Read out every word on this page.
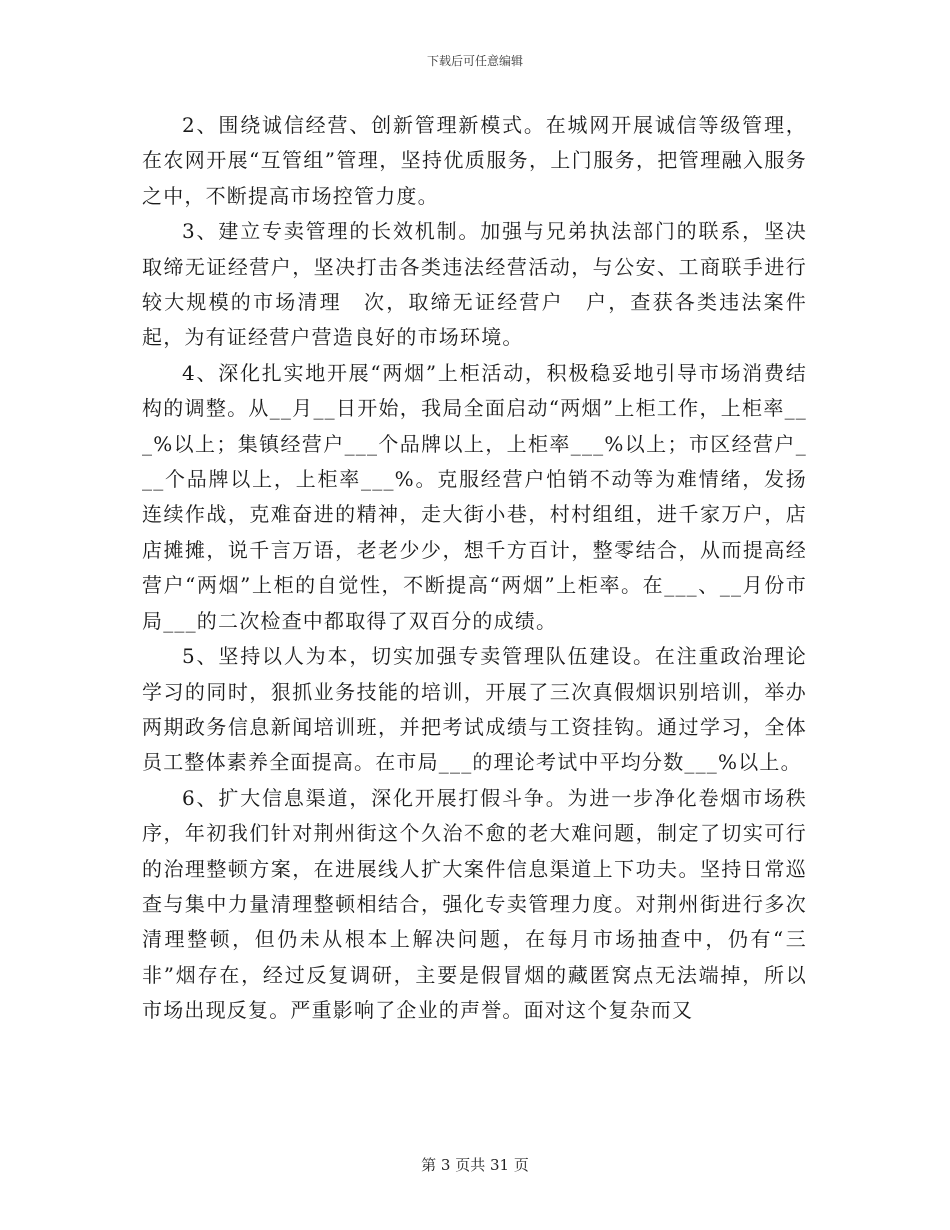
下载后可任意编辑

2、围绕诚信经营、创新管理新模式。在城网开展诚信等级管理，在农网开展“互管组”管理，坚持优质服务，上门服务，把管理融入服务之中，不断提高市场控管力度。

3、建立专卖管理的长效机制。加强与兄弟执法部门的联系，坚决取缔无证经营户，坚决打击各类违法经营活动，与公安、工商联手进行较大规模的市场清理　次，取缔无证经营户　户，查获各类违法案件 起，为有证经营户营造良好的市场环境。

4、深化扎实地开展“两烟”上柜活动，积极稳妥地引导市场消费结构的调整。从__月__日开始，我局全面启动“两烟”上柜工作，上柜率___%以上；集镇经营户___个品牌以上，上柜率___%以上；市区经营户___个品牌以上，上柜率___%。克服经营户怕销不动等为难情绪，发扬连续作战，克难奋进的精神，走大街小巷，村村组组，进千家万户，店店摊摊，说千言万语，老老少少，想千方百计，整零结合，从而提高经营户“两烟”上柜的自觉性，不断提高“两烟”上柜率。在___、__月份市局___的二次检查中都取得了双百分的成绩。

5、坚持以人为本，切实加强专卖管理队伍建设。在注重政治理论学习的同时，狠抓业务技能的培训，开展了三次真假烟识别培训，举办两期政务信息新闻培训班，并把考试成绩与工资挂钩。通过学习，全体员工整体素养全面提高。在市局___的理论考试中平均分数___%以上。

6、扩大信息渠道，深化开展打假斗争。为进一步净化卷烟市场秩序，年初我们针对荆州街这个久治不愈的老大难问题，制定了切实可行的治理整顿方案，在进展线人扩大案件信息渠道上下功夫。坚持日常巡查与集中力量清理整顿相结合，强化专卖管理力度。对荆州街进行多次清理整顿，但仍未从根本上解决问题，在每月市场抽查中，仍有“三非”烟存在，经过反复调研，主要是假冒烟的藏匿窝点无法端掉，所以市场出现反复。严重影响了企业的声誉。面对这个复杂而又

第 3 页共 31 页
